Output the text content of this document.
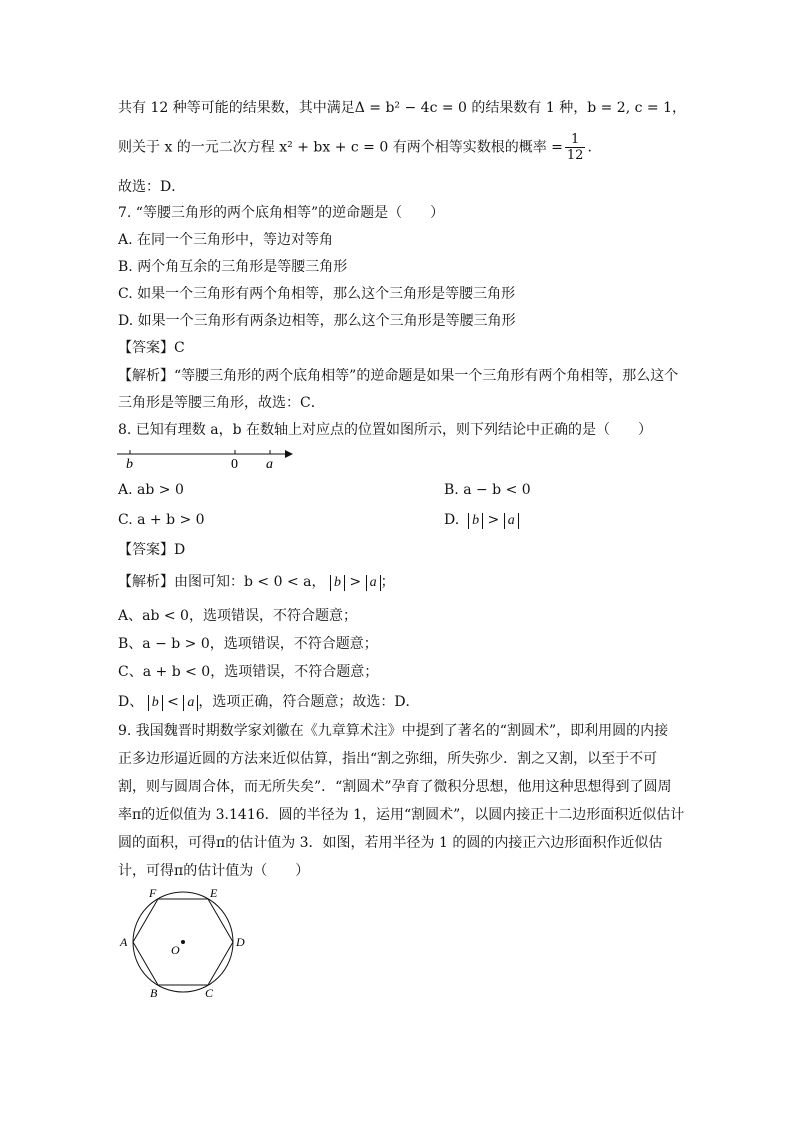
共有 12 种等可能的结果数，其中满足Δ = b² − 4c = 0 的结果数有 1 种，b = 2, c = 1，
则关于 x 的一元二次方程 x² + bx + c = 0 有两个相等实数根的概率 = $\frac{1}{12}$ .
故选：D．
7. “等腰三角形的两个底角相等”的逆命题是（　　）
A. 在同一个三角形中，等边对等角
B. 两个角互余的三角形是等腰三角形
C. 如果一个三角形有两个角相等，那么这个三角形是等腰三角形
D. 如果一个三角形有两条边相等，那么这个三角形是等腰三角形
【答案】C
【解析】“等腰三角形的两个底角相等”的逆命题是如果一个三角形有两个角相等，那么这个
三角形是等腰三角形，故选：C．
8. 已知有理数 a，b 在数轴上对应点的位置如图所示，则下列结论中正确的是（　　）
b	0 a
A. ab > 0	B. a − b < 0
C. a + b > 0	D. b > a
【答案】D
【解析】由图可知：b < 0 < a， b > a ；
A、ab < 0，选项错误，不符合题意；
B、a − b > 0，选项错误，不符合题意；
C、a + b < 0，选项错误，不符合题意；
D、 b < a ，选项正确，符合题意；故选：D．
9. 我国魏晋时期数学家刘徽在《九章算术注》中提到了著名的“割圆术”，即利用圆的内接
正多边形逼近圆的方法来近似估算，指出“割之弥细，所失弥少．割之又割，以至于不可
割，则与圆周合体，而无所失矣”．“割圆术”孕育了微积分思想，他用这种思想得到了圆周
率π的近似值为 3.1416．圆的半径为 1，运用“割圆术”，以圆内接正十二边形面积近似估计
圆的面积，可得π的估计值为 3．如图，若用半径为 1 的圆的内接正六边形面积作近似估
计，可得π的估计值为（　　）
F	E
A	D
O
B	C
